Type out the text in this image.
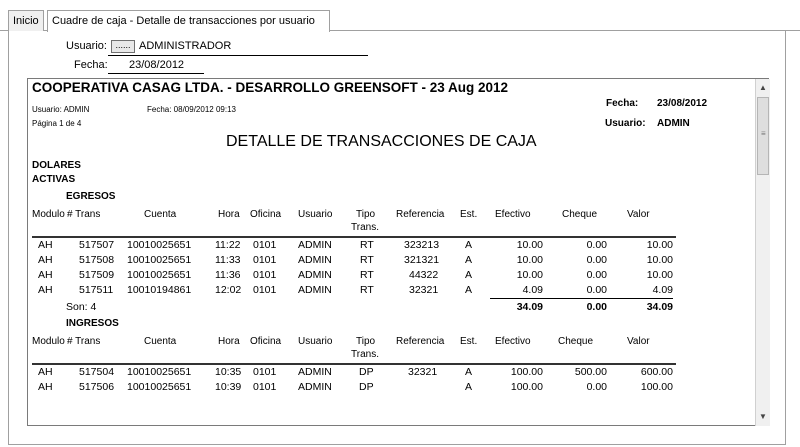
Inicio	Cuadre de caja - Detalle de transacciones por usuario
Usuario: ...... ADMINISTRADOR
Fecha: 23/08/2012
▲
≡
▼
COOPERATIVA CASAG LTDA. - DESARROLLO GREENSOFT - 23 Aug 2012
Usuario: ADMIN	Fecha: 08/09/2012 09:13
Página 1 de 4
Fecha: 23/08/2012
Usuario: ADMIN
DETALLE DE TRANSACCIONES DE CAJA
DOLARES
ACTIVAS
EGRESOS
Modulo # Trans	Cuenta	Hora Oficina Usuario Tipo
Trans.
Referencia Est. Efectivo	Cheque	Valor
AH	517507 10010025651 11:22 0101 ADMIN	RT	323213 A	10.00	0.00	10.00
AH	517508 10010025651 11:33 0101 ADMIN	RT	321321 A	10.00	0.00	10.00
AH	517509 10010025651 11:36 0101 ADMIN	RT	44322	A	10.00	0.00	10.00
AH	517511 10010194861 12:02 0101 ADMIN	RT	32321	A	4.09	0.00	4.09
Son: 4	34.09	0.00	34.09
INGRESOS
Modulo # Trans	Cuenta	Hora Oficina Usuario Tipo
Trans.
Referencia Est. Efectivo	Cheque	Valor
AH	517504 10010025651 10:35 0101 ADMIN	DP	32321	A	100.00	500.00	600.00
AH	517506 10010025651 10:39 0101 ADMIN	DP	A	100.00	0.00	100.00
